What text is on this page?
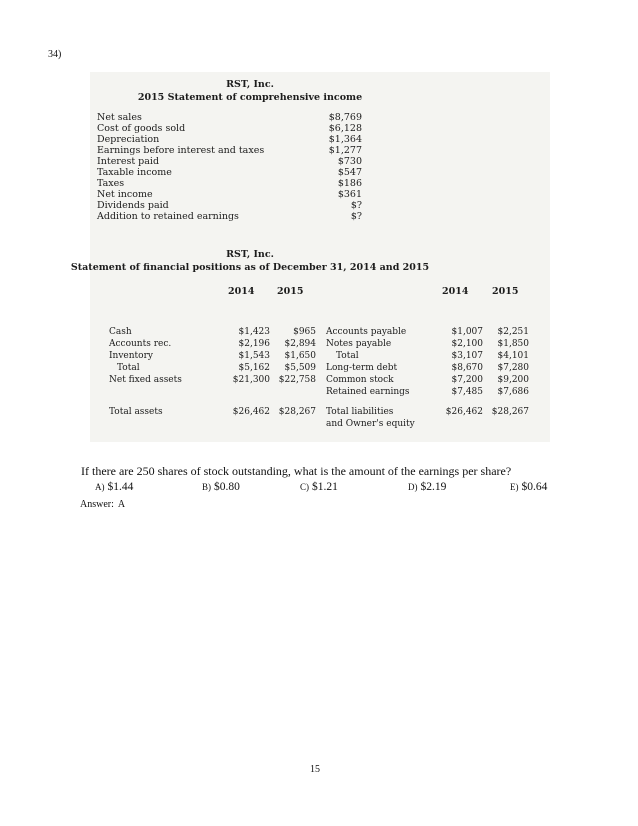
34)
RST, Inc.
2015 Statement of comprehensive income
Net sales	$8,769
Cost of goods sold	$6,128
Depreciation	$1,364
Earnings before interest and taxes	$1,277
Interest paid	$730
Taxable income	$547
Taxes	$186
Net income	$361
Dividends paid	$?
Addition to retained earnings	$?
RST, Inc.
Statement of financial positions as of December 31, 2014 and 2015
2014 2015	2014 2015
Cash	$1,423	$965
Accounts rec.	$2,196	$2,894
Inventory	$1,543	$1,650
Total	$5,162	$5,509
Net fixed assets	$21,300 $22,758
Total assets	$26,462 $28,267
Accounts payable	$1,007	$2,251
Notes payable	$2,100	$1,850
Total	$3,107	$4,101
Long-term debt	$8,670	$7,280
Common stock	$7,200	$9,200
Retained earnings	$7,485	$7,686
Total liabilities	$26,462 $28,267
and Owner's equity
If there are 250 shares of stock outstanding, what is the amount of the earnings per share?
A) $1.44	B) $0.80	C) $1.21	D) $2.19	E) $0.64
Answer: A
15
